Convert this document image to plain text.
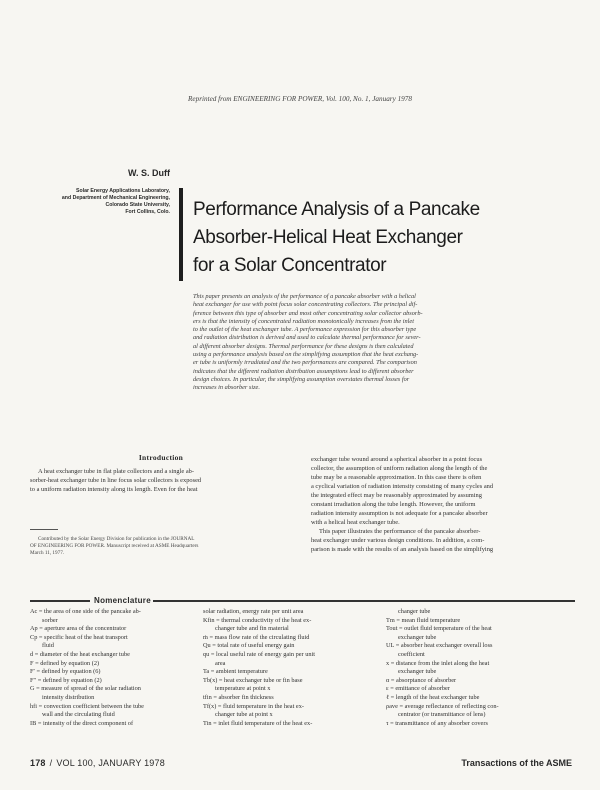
Reprinted from ENGINEERING FOR POWER, Vol. 100, No. 1, January 1978
W. S. Duff
Solar Energy Applications Laboratory,
and Department of Mechanical Engineering,
Colorado State University,
Fort Collins, Colo. Performance Analysis of a Pancake
Absorber-Helical Heat Exchanger
for a Solar Concentrator
This paper presents an analysis of the performance of a pancake absorber with a helical
heat exchanger for use with point focus solar concentrating collectors. The principal dif-
ference between this type of absorber and most other concentrating solar collector absorb-
ers is that the intensity of concentrated radiation monotonically increases from the inlet
to the outlet of the heat exchanger tube. A performance expression for this absorber type
and radiation distribution is derived and used to calculate thermal performance for sever-
al different absorber designs. Thermal performance for these designs is then calculated
using a performance analysis based on the simplifying assumption that the heat exchang-
er tube is uniformly irradiated and the two performances are compared. The comparison
indicates that the different radiation distribution assumptions lead to different absorber
design choices. In particular, the simplifying assumption overstates thermal losses for
increases in absorber size.
Introduction
A heat exchanger tube in flat plate collectors and a single ab-
sorber-heat exchanger tube in line focus solar collectors is exposed
to a uniform radiation intensity along its length. Even for the heat
Contributed by the Solar Energy Division for publication in the JOURNAL
OF ENGINEERING FOR POWER. Manuscript received at ASME Headquarters
March 11, 1977.
exchanger tube wound around a spherical absorber in a point focus
collector, the assumption of uniform radiation along the length of the
tube may be a reasonable approximation. In this case there is often
a cyclical variation of radiation intensity consisting of many cycles and
the integrated effect may be reasonably approximated by assuming
constant irradiation along the tube length. However, the uniform
radiation intensity assumption is not adequate for a pancake absorber
with a helical heat exchanger tube.
This paper illustrates the performance of the pancake absorber-
heat exchanger under various design conditions. In addition, a com-
parison is made with the results of an analysis based on the simplifying
Nomenclature
Ac = the area of one side of the pancake ab-
sorber
Ap = aperture area of the concentrator
Cp = specific heat of the heat transport
fluid
d = diameter of the heat exchanger tube
F = defined by equation (2)
F′ = defined by equation (6)
F″ = defined by equation (2)
G = measure of spread of the solar radiation
intensity distribution
hfi = convection coefficient between the tube
wall and the circulating fluid
IB = intensity of the direct component of
solar radiation, energy rate per unit area
Kfin = thermal conductivity of the heat ex-
changer tube and fin material
ṁ = mass flow rate of the circulating fluid
Qu = total rate of useful energy gain
qu = local useful rate of energy gain per unit
area
Ta = ambient temperature
Tb(x) = heat exchanger tube or fin base
temperature at point x
tfin = absorber fin thickness
Tf(x) = fluid temperature in the heat ex-
changer tube at point x
Tin = inlet fluid temperature of the heat ex-
changer tube
Tm = mean fluid temperature
Tout = outlet fluid temperature of the heat
exchanger tube
UL = absorber heat exchanger overall loss
coefficient
x = distance from the inlet along the heat
exchanger tube
α = absorptance of absorber
ε = emittance of absorber
ℓ = length of the heat exchanger tube
ρave = average reflectance of reflecting con-
centrator (or transmittance of lens)
τ = transmittance of any absorber covers
178 / VOL 100, JANUARY 1978	Transactions of the ASME
